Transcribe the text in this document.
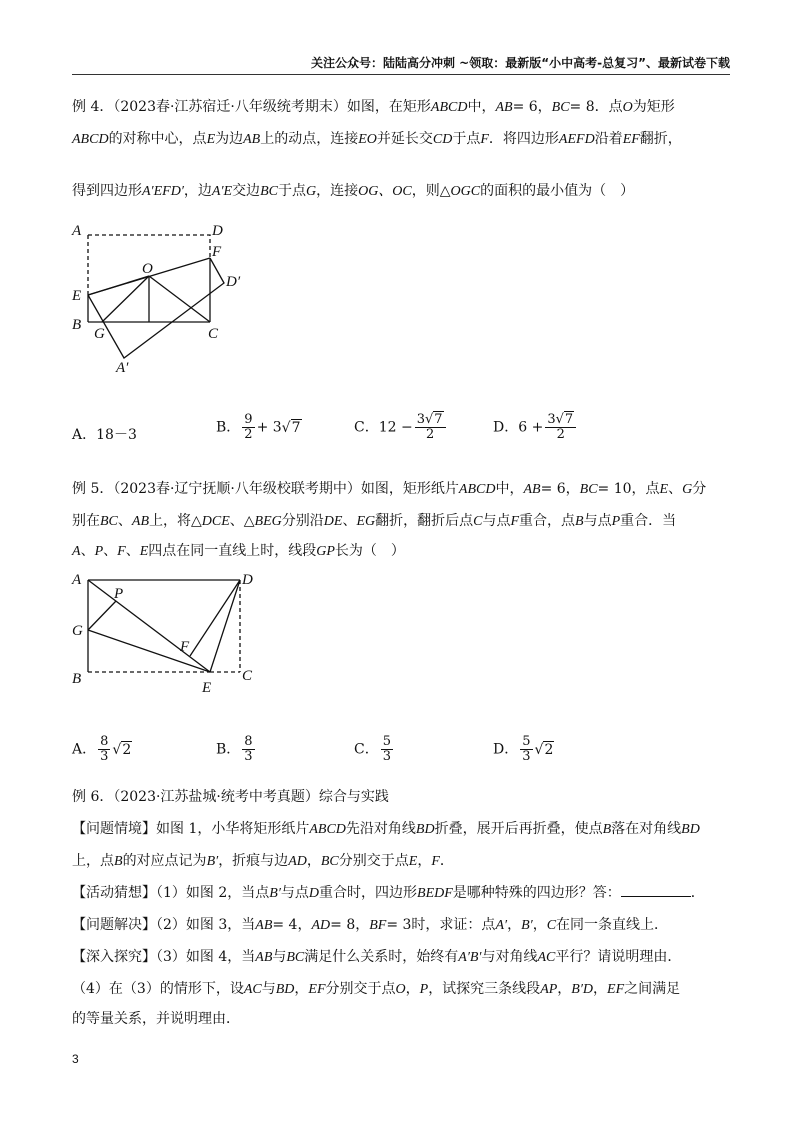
关注公众号：陆陆高分冲刺 ~领取：最新版“小中高考-总复习”、最新试卷下载
例 4．（2023春·江苏宿迁·八年级统考期末）如图，在矩形ABCD中，AB= 6，BC= 8．点O为矩形
ABCD的对称中心，点E为边AB上的动点，连接EO并延长交CD于点F．将四边形AEFD沿着EF翻折，
得到四边形A′EFD′，边A′E交边BC于点G，连接OG、OC，则△OGC的面积的最小值为（　）
A	D
F
O
D′
E
B
G	C
A′
A．18－3	B． $\frac{9}{2} + 3√7$	C．$12 - \frac{3√7}{2}$	D．$6 + \frac{3√7}{2}$
例 5．（2023春·辽宁抚顺·八年级校联考期中）如图，矩形纸片ABCD中，AB= 6，BC= 10，点E、G分
别在BC、AB上，将△DCE、△BEG分别沿DE、EG翻折，翻折后点C与点F重合，点B与点P重合．当
A、P、F、E四点在同一直线上时，线段GP长为（　）
A	D
P
G
F
B
E
C
A． $\frac{8}{3} √2$	B． $\frac{8}{3}$	C． $\frac{5}{3}$	D． $\frac{5}{3} √2$
例 6．（2023·江苏盐城·统考中考真题）综合与实践
【问题情境】如图 1，小华将矩形纸片ABCD先沿对角线BD折叠，展开后再折叠，使点B落在对角线BD
上，点B的对应点记为B′，折痕与边AD，BC分别交于点E，F．
【活动猜想】（1）如图 2，当点B′与点D重合时，四边形BEDF是哪种特殊的四边形？答：	．
【问题解决】（2）如图 3，当AB= 4，AD= 8，BF= 3时，求证：点A′，B′，C在同一条直线上．
【深入探究】（3）如图 4，当AB与BC满足什么关系时，始终有A′B′与对角线AC平行？请说明理由．
（4）在（3）的情形下，设AC与BD，EF分别交于点O，P，试探究三条线段AP，B′D，EF之间满足
的等量关系，并说明理由．
3
